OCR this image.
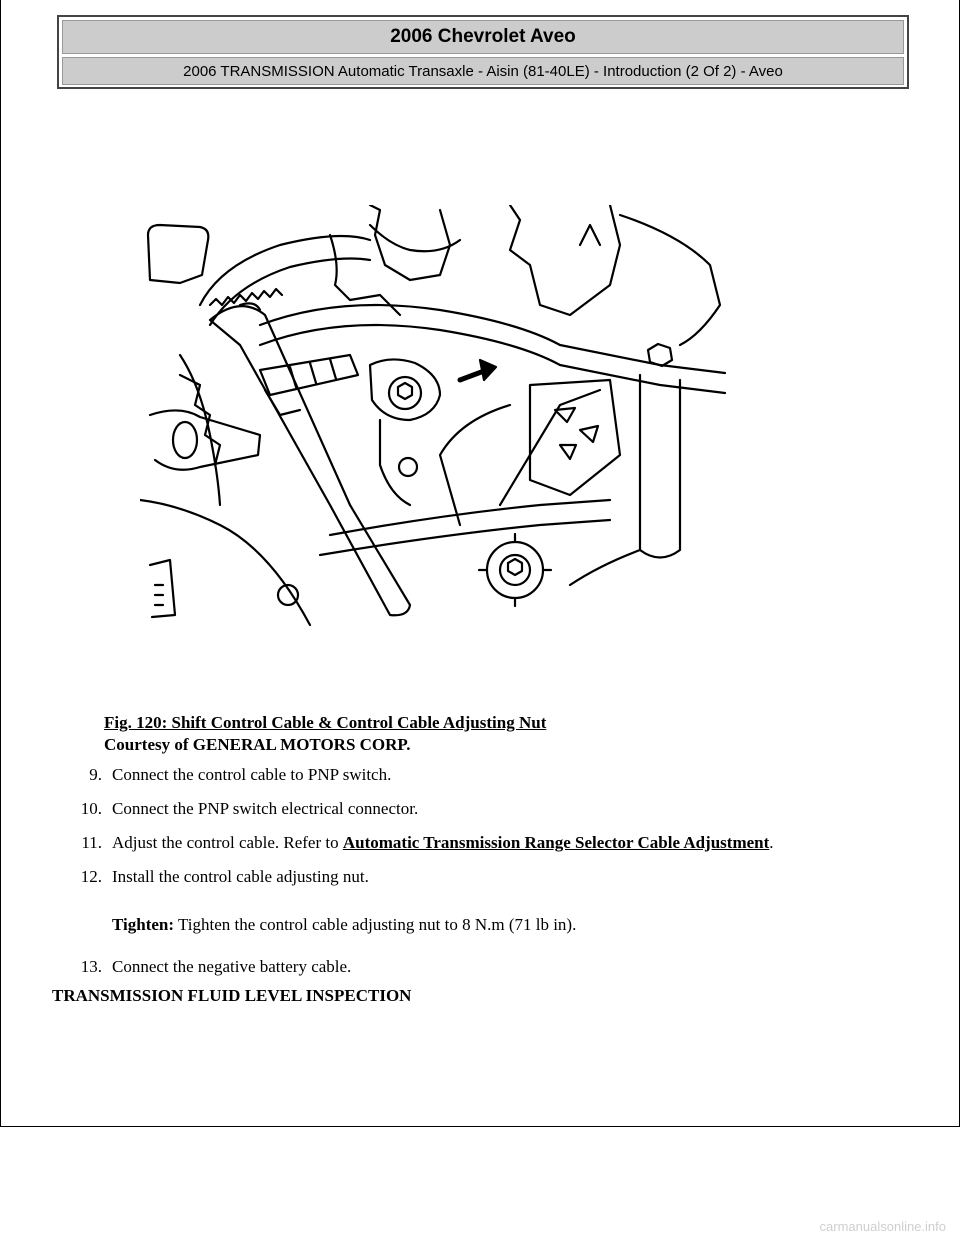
2006 Chevrolet Aveo
2006 TRANSMISSION Automatic Transaxle - Aisin (81-40LE) - Introduction (2 Of 2) - Aveo
Fig. 120: Shift Control Cable & Control Cable Adjusting Nut
Courtesy of GENERAL MOTORS CORP.
9. Connect the control cable to PNP switch.
10. Connect the PNP switch electrical connector.
11. Adjust the control cable. Refer to Automatic Transmission Range Selector Cable Adjustment.
12. Install the control cable adjusting nut.
Tighten: Tighten the control cable adjusting nut to 8 N.m (71 lb in).
13. Connect the negative battery cable.
TRANSMISSION FLUID LEVEL INSPECTION
carmanualsonline.info
